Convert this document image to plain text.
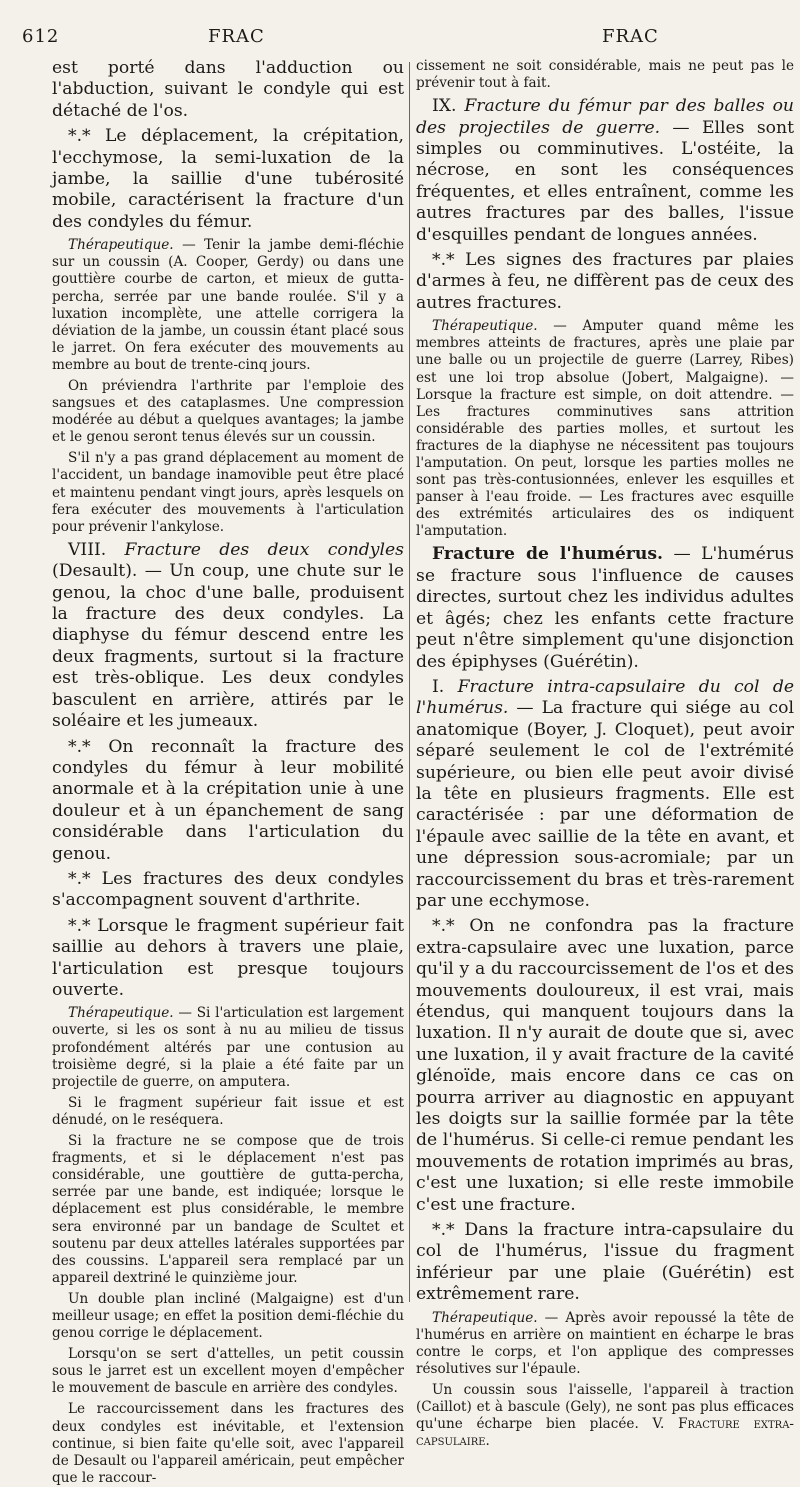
612	FRAC	FRAC

est porté dans l'adduction ou l'abduction, suivant le condyle qui est détaché de l'os.

*.* Le déplacement, la crépitation, l'ecchymose, la semi-luxation de la jambe, la saillie d'une tubérosité mobile, caractérisent la fracture d'un des condyles du fémur.

Thérapeutique. — Tenir la jambe demi-fléchie sur un coussin (A. Cooper, Gerdy) ou dans une gouttière courbe de carton, et mieux de gutta-percha, serrée par une bande roulée. S'il y a luxation incomplète, une attelle corrigera la déviation de la jambe, un coussin étant placé sous le jarret. On fera exécuter des mouvements au membre au bout de trente-cinq jours.

On préviendra l'arthrite par l'emploie des sangsues et des cataplasmes. Une compression modérée au début a quelques avantages; la jambe et le genou seront tenus élevés sur un coussin.

S'il n'y a pas grand déplacement au moment de l'accident, un bandage inamovible peut être placé et maintenu pendant vingt jours, après lesquels on fera exécuter des mouvements à l'articulation pour prévenir l'ankylose.

VIII. Fracture des deux condyles (Desault). — Un coup, une chute sur le genou, la choc d'une balle, produisent la fracture des deux condyles. La diaphyse du fémur descend entre les deux fragments, surtout si la fracture est très-oblique. Les deux condyles basculent en arrière, attirés par le soléaire et les jumeaux.

*.* On reconnaît la fracture des condyles du fémur à leur mobilité anormale et à la crépitation unie à une douleur et à un épanchement de sang considérable dans l'articulation du genou.

*.* Les fractures des deux condyles s'accompagnent souvent d'arthrite.

*.* Lorsque le fragment supérieur fait saillie au dehors à travers une plaie, l'articulation est presque toujours ouverte.

Thérapeutique. — Si l'articulation est largement ouverte, si les os sont à nu au milieu de tissus profondément altérés par une contusion au troisième degré, si la plaie a été faite par un projectile de guerre, on amputera.

Si le fragment supérieur fait issue et est dénudé, on le reséquera.

Si la fracture ne se compose que de trois fragments, et si le déplacement n'est pas considérable, une gouttière de gutta-percha, serrée par une bande, est indiquée; lorsque le déplacement est plus considérable, le membre sera environné par un bandage de Scultet et soutenu par deux attelles latérales supportées par des coussins. L'appareil sera remplacé par un appareil dextriné le quinzième jour.

Un double plan incliné (Malgaigne) est d'un meilleur usage; en effet la position demi-fléchie du genou corrige le déplacement.

Lorsqu'on se sert d'attelles, un petit coussin sous le jarret est un excellent moyen d'empêcher le mouvement de bascule en arrière des condyles.

Le raccourcissement dans les fractures des deux condyles est inévitable, et l'extension continue, si bien faite qu'elle soit, avec l'appareil de Desault ou l'appareil américain, peut empêcher que le raccour-

cissement ne soit considérable, mais ne peut pas le prévenir tout à fait.

IX. Fracture du fémur par des balles ou des projectiles de guerre. — Elles sont simples ou comminutives. L'ostéite, la nécrose, en sont les conséquences fréquentes, et elles entraînent, comme les autres fractures par des balles, l'issue d'esquilles pendant de longues années.

*.* Les signes des fractures par plaies d'armes à feu, ne diffèrent pas de ceux des autres fractures.

Thérapeutique. — Amputer quand même les membres atteints de fractures, après une plaie par une balle ou un projectile de guerre (Larrey, Ribes) est une loi trop absolue (Jobert, Malgaigne). — Lorsque la fracture est simple, on doit attendre. — Les fractures comminutives sans attrition considérable des parties molles, et surtout les fractures de la diaphyse ne nécessitent pas toujours l'amputation. On peut, lorsque les parties molles ne sont pas très-contusionnées, enlever les esquilles et panser à l'eau froide. — Les fractures avec esquille des extrémités articulaires des os indiquent l'amputation.

Fracture de l'humérus. — L'humérus se fracture sous l'influence de causes directes, surtout chez les individus adultes et âgés; chez les enfants cette fracture peut n'être simplement qu'une disjonction des épiphyses (Guérétin).

I. Fracture intra-capsulaire du col de l'humérus. — La fracture qui siége au col anatomique (Boyer, J. Cloquet), peut avoir séparé seulement le col de l'extrémité supérieure, ou bien elle peut avoir divisé la tête en plusieurs fragments. Elle est caractérisée : par une déformation de l'épaule avec saillie de la tête en avant, et une dépression sous-acromiale; par un raccourcissement du bras et très-rarement par une ecchymose.

*.* On ne confondra pas la fracture extra-capsulaire avec une luxation, parce qu'il y a du raccourcissement de l'os et des mouvements douloureux, il est vrai, mais étendus, qui manquent toujours dans la luxation. Il n'y aurait de doute que si, avec une luxation, il y avait fracture de la cavité glénoïde, mais encore dans ce cas on pourra arriver au diagnostic en appuyant les doigts sur la saillie formée par la tête de l'humérus. Si celle-ci remue pendant les mouvements de rotation imprimés au bras, c'est une luxation; si elle reste immobile c'est une fracture.

*.* Dans la fracture intra-capsulaire du col de l'humérus, l'issue du fragment inférieur par une plaie (Guérétin) est extrêmement rare.

Thérapeutique. — Après avoir repoussé la tête de l'humérus en arrière on maintient en écharpe le bras contre le corps, et l'on applique des compresses résolutives sur l'épaule.

Un coussin sous l'aisselle, l'appareil à traction (Caillot) et à bascule (Gely), ne sont pas plus efficaces qu'une écharpe bien placée. V. Fracture extra-capsulaire.
